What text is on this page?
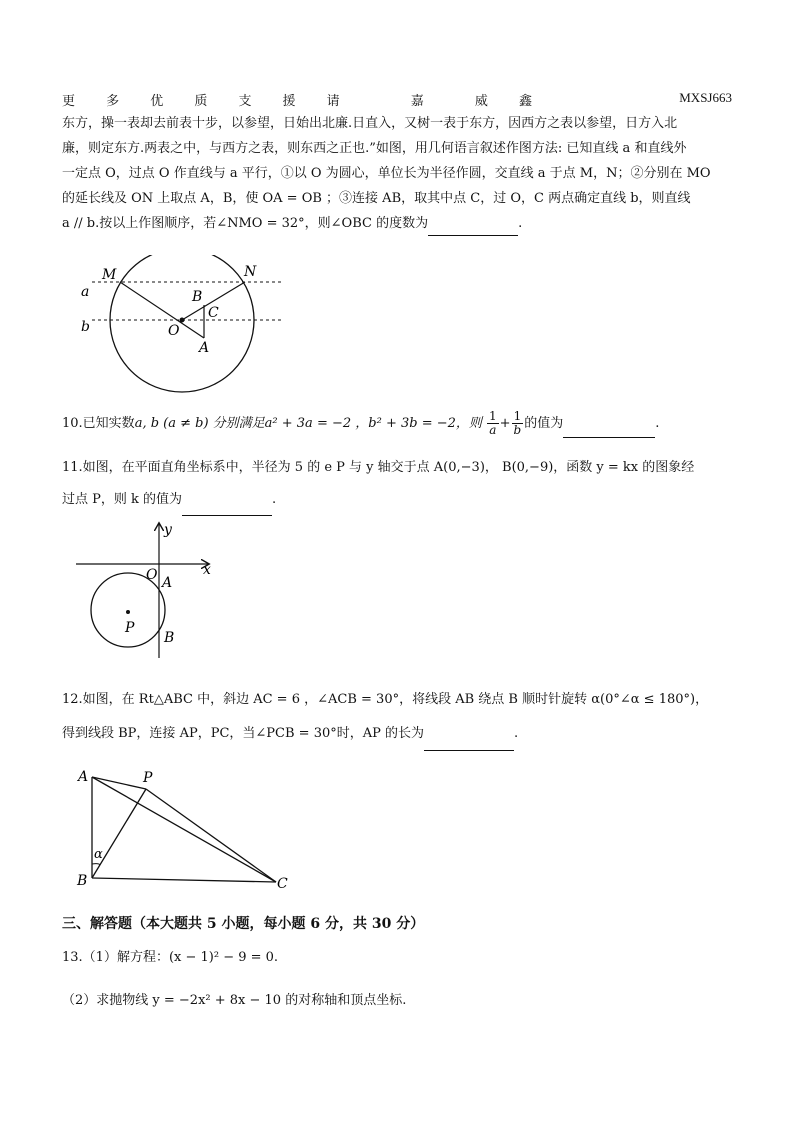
更 多 优 质 支 援 请	嘉	威 鑫	MXSJ663
东方，操一表却去前表十步，以参望，日始出北廉.日直入，又树一表于东方，因西方之表以参望，日方入北
廉，则定东方.两表之中，与西方之表，则东西之正也.”如图，用几何语言叙述作图方法: 已知直线 a 和直线外
一定点 O，过点 O 作直线与 a 平行，①以 O 为圆心，单位长为半径作圆，交直线 a 于点 M，N；②分别在 MO
的延长线及 ON 上取点 A，B，使 OA = OB ；③连接 AB，取其中点 C，过 O，C 两点确定直线 b，则直线
a // b.按以上作图顺序，若∠NMO = 32°，则∠OBC 的度数为	.
M	N
a	B
C
b	O
A
10.已知实数a, b (a ≠ b) 分别满足a² + 3a = −2 ，b² + 3b = −2，则 $\frac{1}{a} + \frac{1}{b}$ 的值为	.
11.如图，在平面直角坐标系中，半径为 5 的 e P 与 y 轴交于点 A(0,−3)， B(0,−9)，函数 y = kx 的图象经
过点 P，则 k 的值为	.
y
O A
x
P
B
12.如图，在 Rt△ABC 中，斜边 AC = 6 ，∠ACB = 30°，将线段 AB 绕点 B 顺时针旋转 α(0°∠α ≤ 180°)，
得到线段 BP，连接 AP，PC，当∠PCB = 30°时，AP 的长为	.
A	P
α
B	C
三、解答题（本大题共 5 小题，每小题 6 分，共 30 分）
13.（1）解方程：(x − 1)² − 9 = 0.
（2）求抛物线 y = −2x² + 8x − 10 的对称轴和顶点坐标.
